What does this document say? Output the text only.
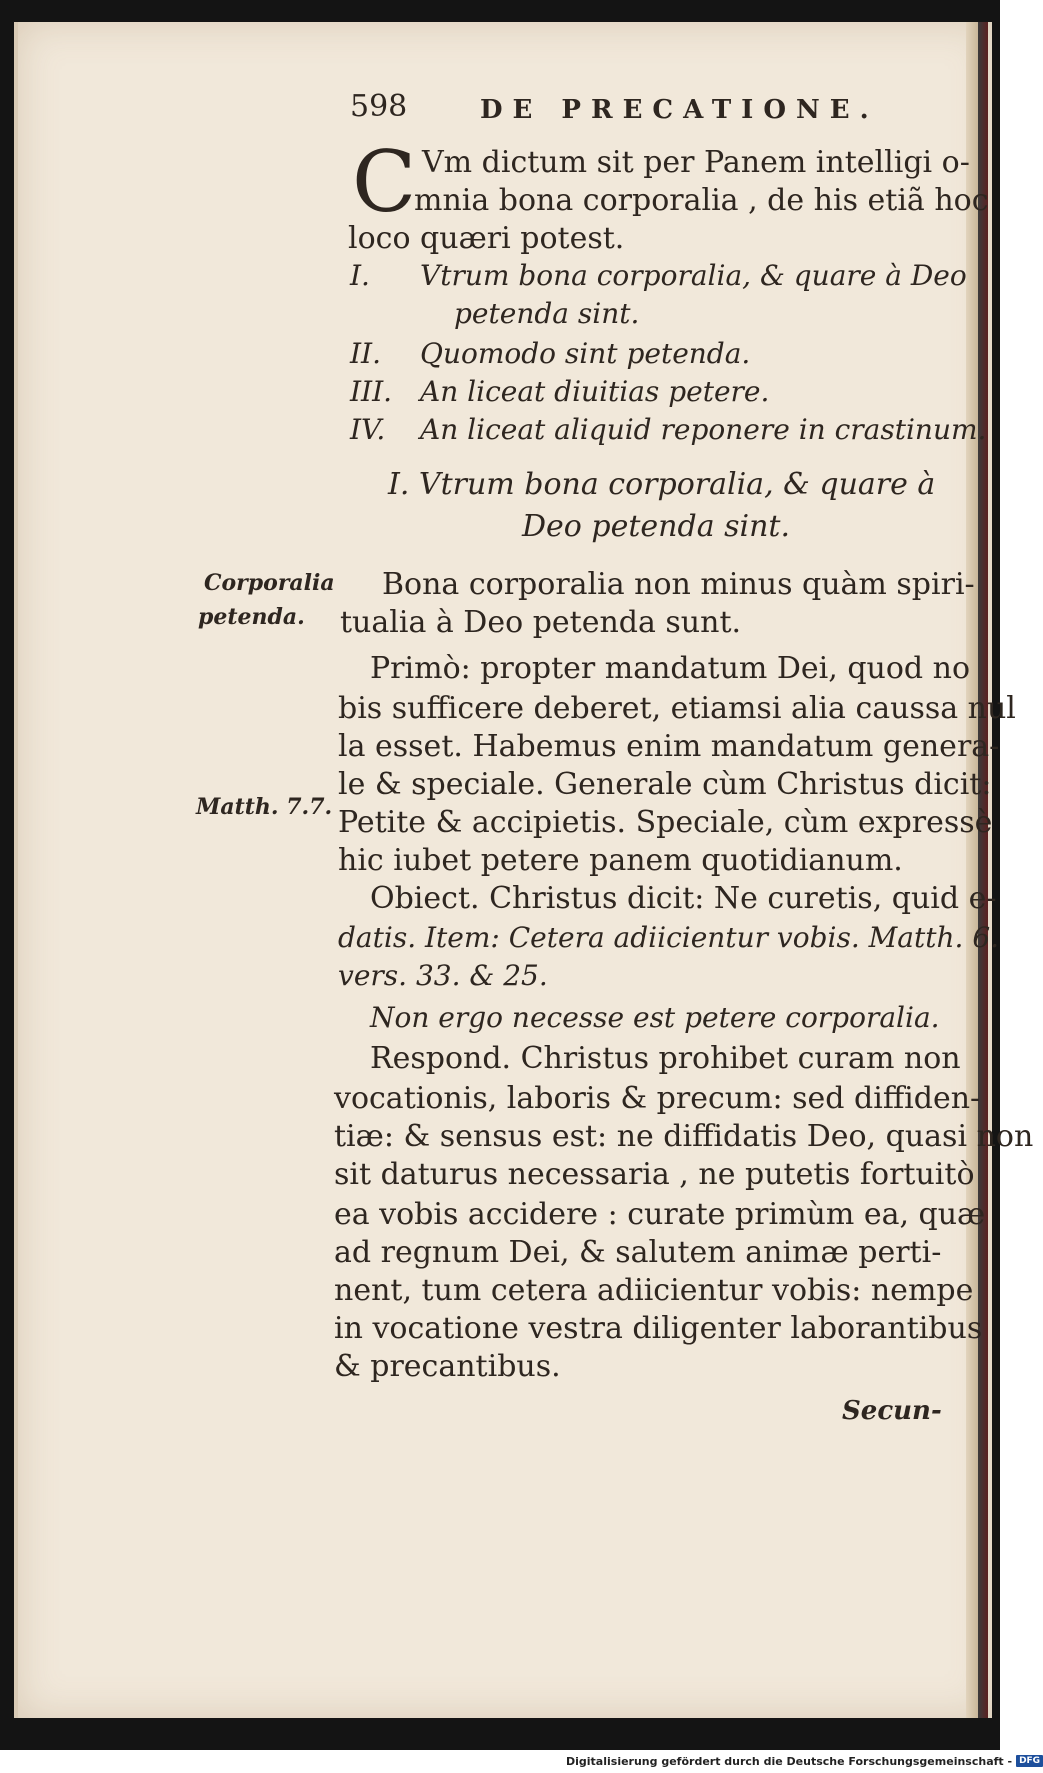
598	DE PRECATIONE.
C Vm dictum sit per Panem intelligi o-
mnia bona corporalia , de his etiã hoc
loco quæri potest.
I. Vtrum bona corporalia, & quare à Deo
petenda sint.
II. Quomodo sint petenda.
III. An liceat diuitias petere.
IV. An liceat aliquid reponere in crastinum.
I. Vtrum bona corporalia, & quare à
Deo petenda sint.
Corporalia
petenda.
Matth. 7.7.
Bona corporalia non minus quàm spiri-
tualia à Deo petenda sunt.
Primò: propter mandatum Dei, quod no
bis sufficere deberet, etiamsi alia caussa nul
la esset. Habemus enim mandatum genera-
le & speciale. Generale cùm Christus dicit:
Petite & accipietis. Speciale, cùm expressè
hic iubet petere panem quotidianum.
Obiect. Christus dicit: Ne curetis, quid e-
datis. Item: Cetera adiicientur vobis. Matth. 6.
vers. 33. & 25.
Non ergo necesse est petere corporalia.
Respond. Christus prohibet curam non
vocationis, laboris & precum: sed diffiden-
tiæ: & sensus est: ne diffidatis Deo, quasi non
sit daturus necessaria , ne putetis fortuitò
ea vobis accidere : curate primùm ea, quæ
ad regnum Dei, & salutem animæ perti-
nent, tum cetera adiicientur vobis: nempe
in vocatione vestra diligenter laborantibus
& precantibus.
Secun-
Digitalisierung gefördert durch die Deutsche Forschungsgemeinschaft - DFG
